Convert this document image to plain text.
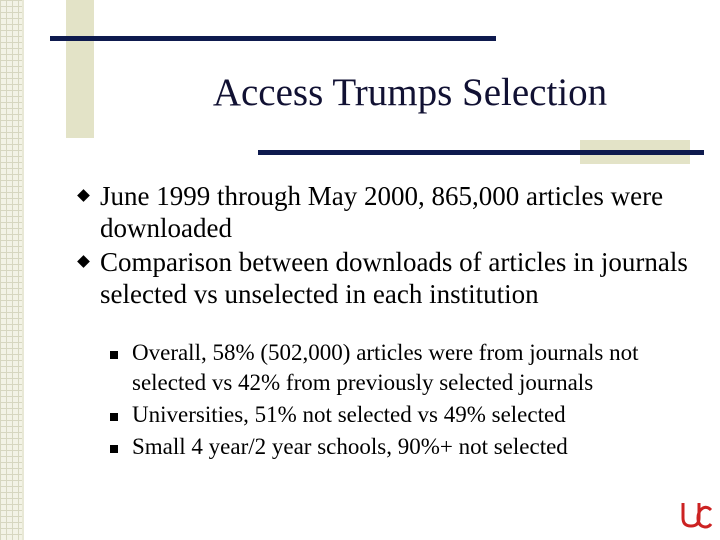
Access Trumps Selection
June 1999 through May 2000, 865,000 articles were downloaded
Comparison between downloads of articles in journals selected vs unselected in each institution
Overall, 58% (502,000) articles were from journals not selected vs 42% from previously selected journals
Universities, 51% not selected vs 49% selected
Small 4 year/2 year schools, 90%+ not selected
